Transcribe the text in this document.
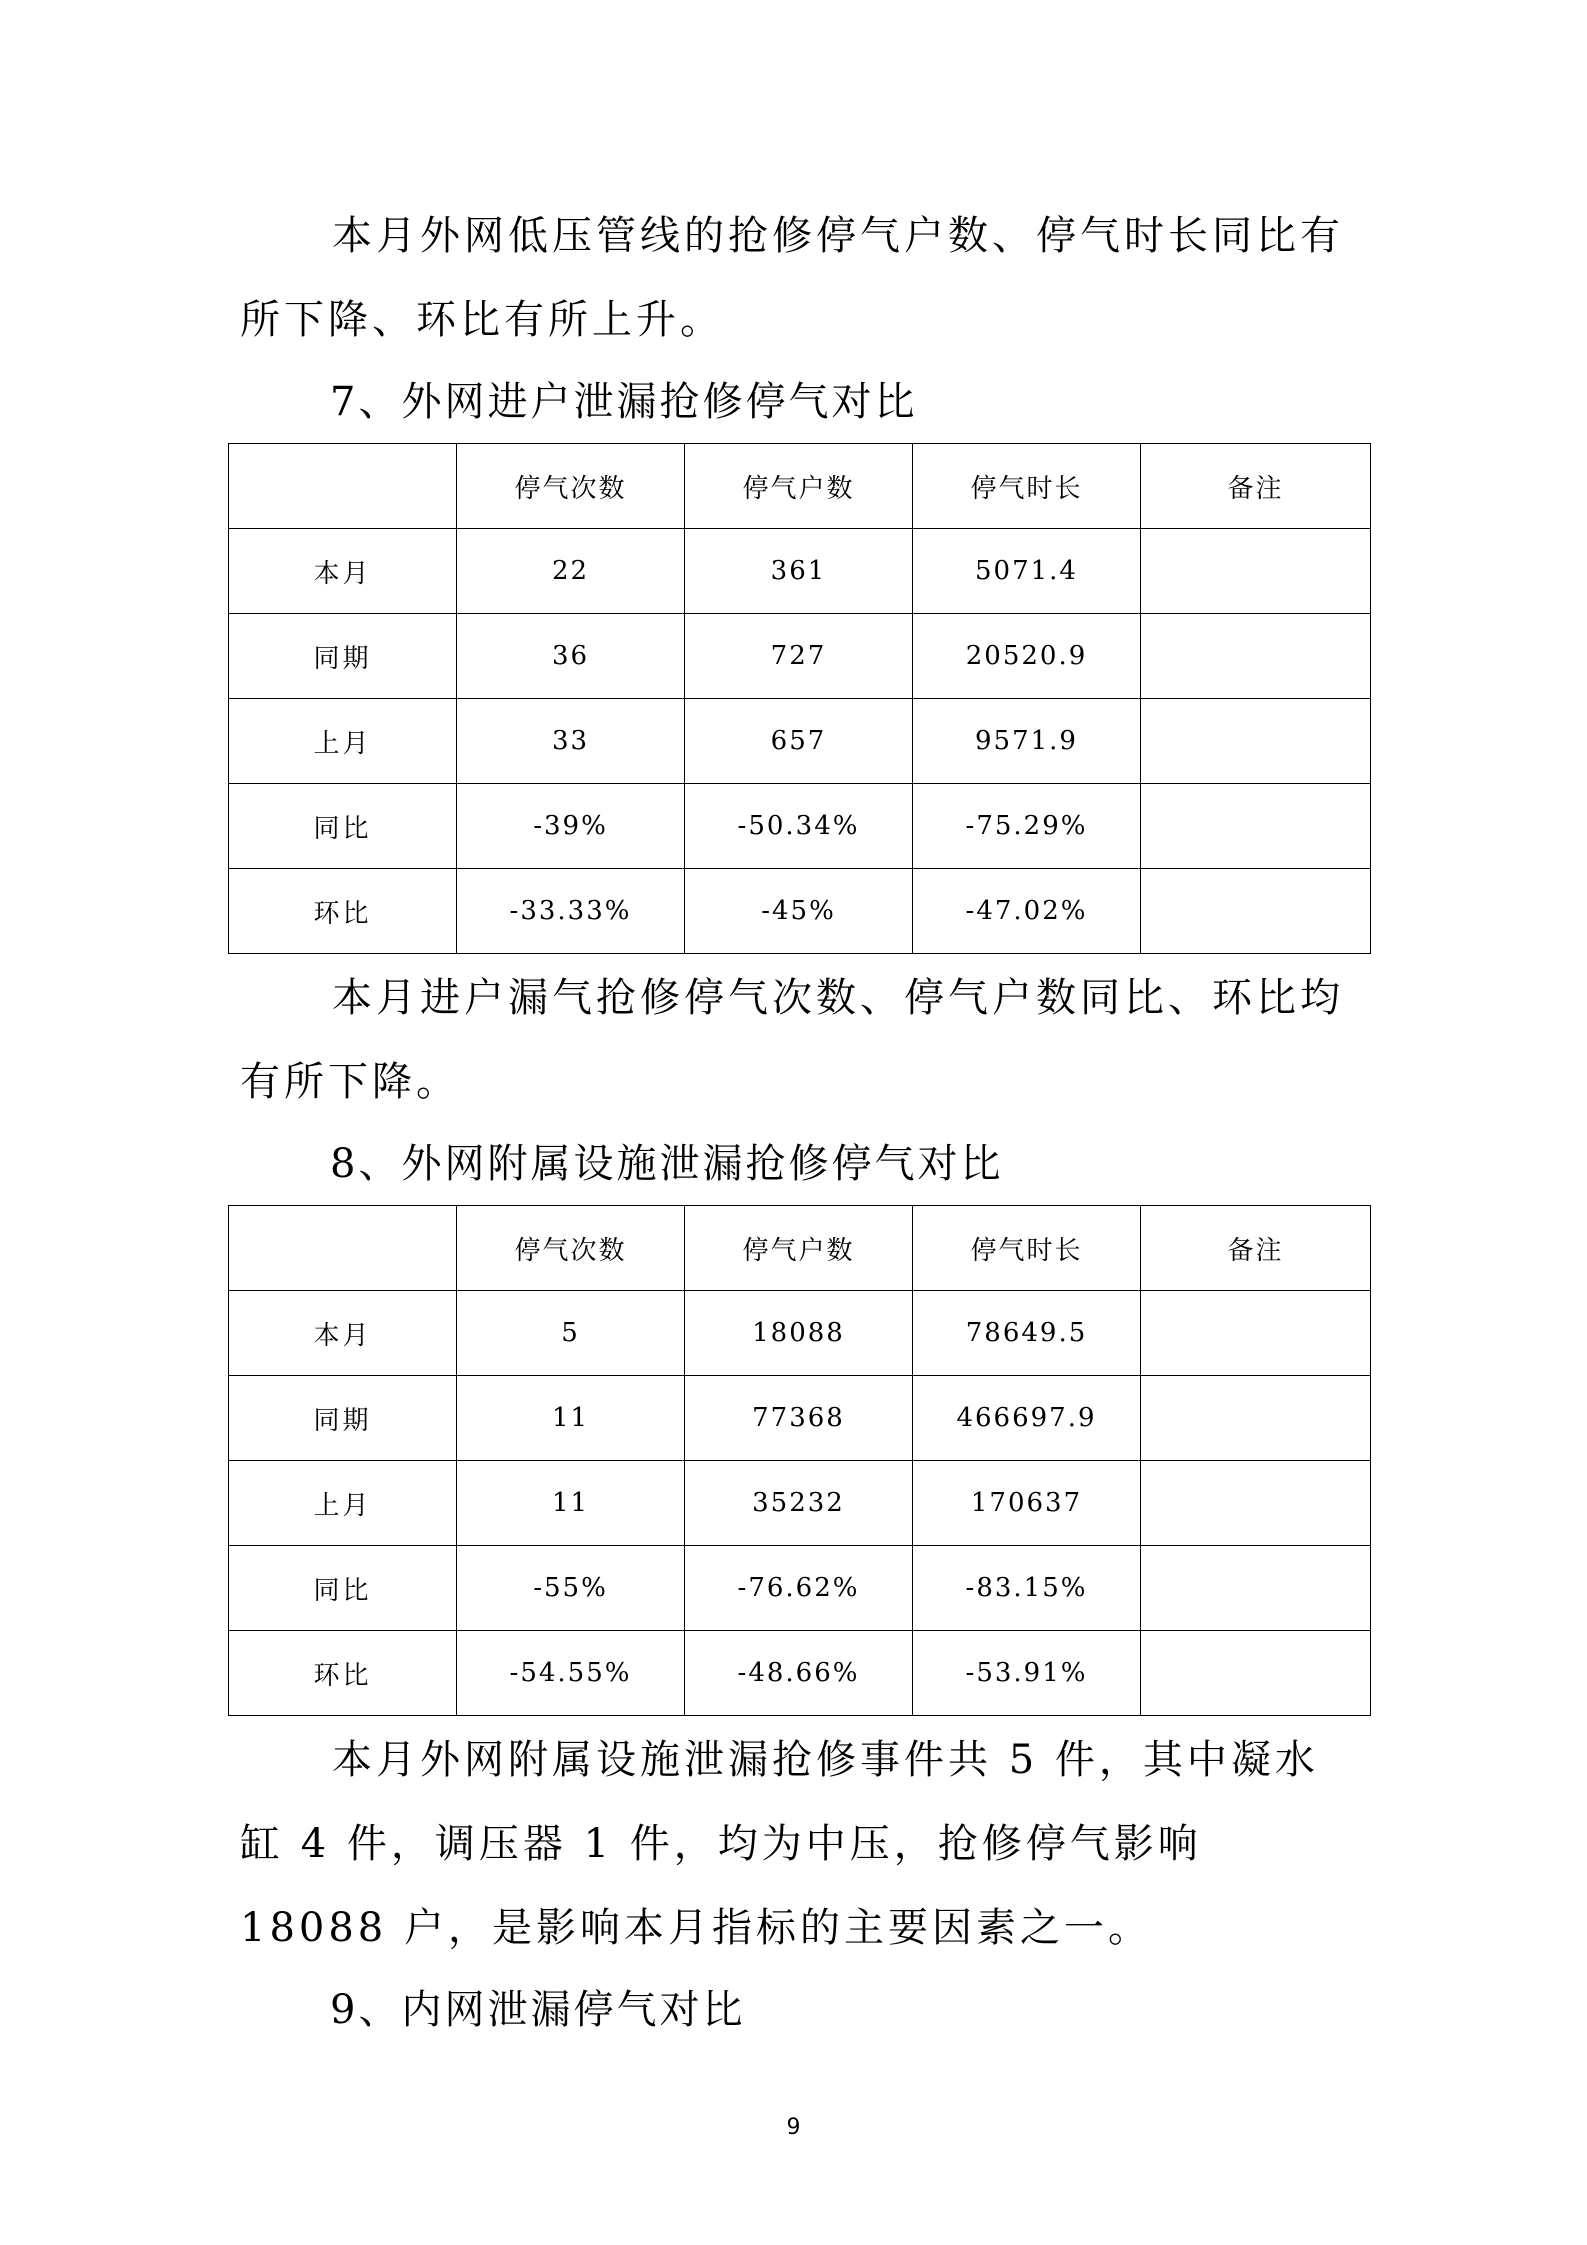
本月外网低压管线的抢修停气户数、停气时长同比有所下降、环比有所上升。

7、外网进户泄漏抢修停气对比

	停气次数	停气户数	停气时长	备注
本月	22	361	5071.4	
同期	36	727	20520.9	
上月	33	657	9571.9	
同比	-39%	-50.34%	-75.29%	
环比	-33.33%	-45%	-47.02%	

本月进户漏气抢修停气次数、停气户数同比、环比均有所下降。

8、外网附属设施泄漏抢修停气对比

	停气次数	停气户数	停气时长	备注
本月	5	18088	78649.5	
同期	11	77368	466697.9	
上月	11	35232	170637	
同比	-55%	-76.62%	-83.15%	
环比	-54.55%	-48.66%	-53.91%	

本月外网附属设施泄漏抢修事件共 5 件，其中凝水缸 4 件，调压器 1 件，均为中压，抢修停气影响 18088 户，是影响本月指标的主要因素之一。

9、内网泄漏停气对比

9
